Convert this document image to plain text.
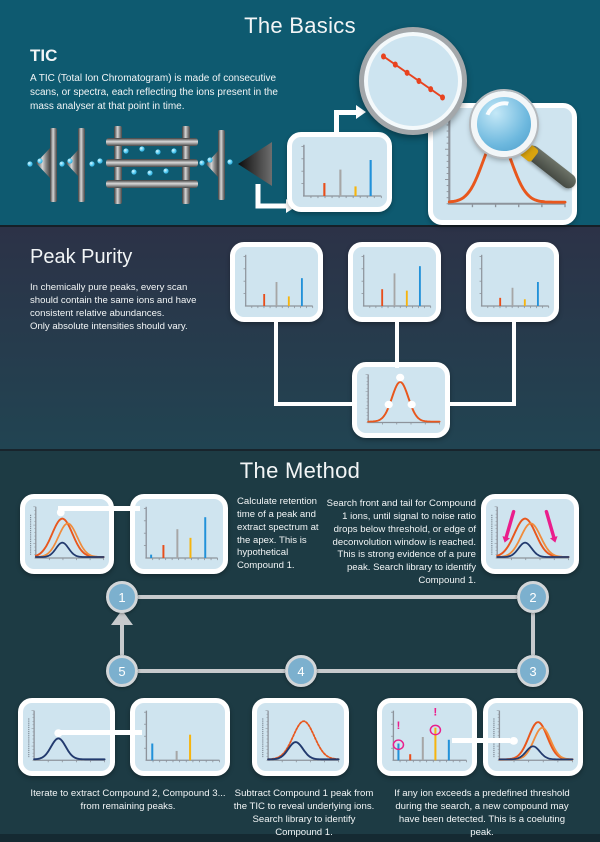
The Basics
TIC
A TIC (Total Ion Chromatogram) is made of consecutive scans, or spectra, each reflecting the ions present in the mass analyser at that point in time.
Peak Purity
In chemically pure peaks, every scan should contain the same ions and have consistent relative abundances.
Only absolute intensities should vary.
The Method
Calculate retention time of a peak and extract spectrum at the apex. This is hypothetical Compound 1.
Search front and tail for Compound 1 ions, until signal to noise ratio drops below threshold, or edge of deconvolution window is reached. This is strong evidence of a pure peak. Search library to identify Compound 1.
1	2
3
4
5
Iterate to extract Compound 2, Compound 3... from remaining peaks.
Subtract Compound 1 peak from the TIC to reveal underlying ions. Search library to identify Compound 1.
!
!
If any ion exceeds a predefined threshold during the search, a new compound may have been detected. This is a coeluting peak.
